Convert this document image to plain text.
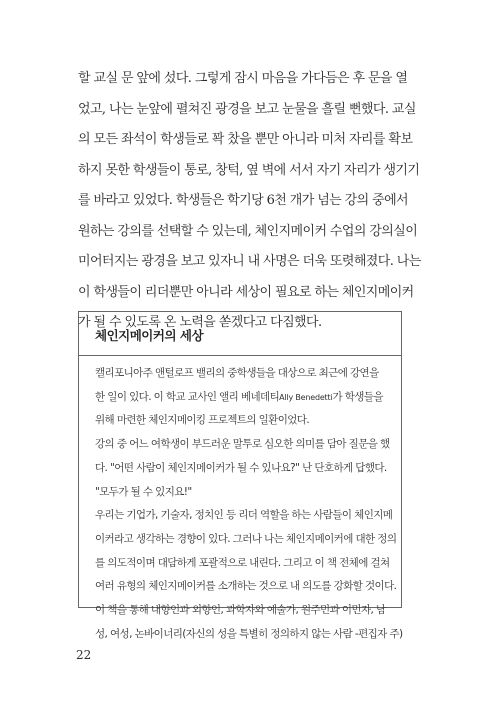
할 교실 문 앞에 섰다. 그렇게 잠시 마음을 가다듬은 후 문을 열
었고, 나는 눈앞에 펼쳐진 광경을 보고 눈물을 흘릴 뻔했다. 교실
의 모든 좌석이 학생들로 꽉 찼을 뿐만 아니라 미처 자리를 확보
하지 못한 학생들이 통로, 창턱, 옆 벽에 서서 자기 자리가 생기기
를 바라고 있었다. 학생들은 학기당 6천 개가 넘는 강의 중에서
원하는 강의를 선택할 수 있는데, 체인지메이커 수업의 강의실이
미어터지는 광경을 보고 있자니 내 사명은 더욱 또렷해졌다. 나는
이 학생들이 리더뿐만 아니라 세상이 필요로 하는 체인지메이커
가 될 수 있도록 온 노력을 쏟겠다고 다짐했다.
체인지메이커의 세상
캘리포니아주 앤털로프 밸리의 중학생들을 대상으로 최근에 강연을
한 일이 있다. 이 학교 교사인 앨리 베네데티Ally Benedetti가 학생들을
위해 마련한 체인지메이킹 프로젝트의 일환이었다.
강의 중 어느 여학생이 부드러운 말투로 심오한 의미를 담아 질문을 했
다. "어떤 사람이 체인지메이커가 될 수 있나요?" 난 단호하게 답했다.
"모두가 될 수 있지요!"
우리는 기업가, 기술자, 정치인 등 리더 역할을 하는 사람들이 체인지메
이커라고 생각하는 경향이 있다. 그러나 나는 체인지메이커에 대한 정의
를 의도적이며 대담하게 포괄적으로 내린다. 그리고 이 책 전체에 걸쳐
여러 유형의 체인지메이커를 소개하는 것으로 내 의도를 강화할 것이다.
이 책을 통해 내향인과 외향인, 과학자와 예술가, 원주민과 이민자, 남
성, 여성, 논바이너리(자신의 성을 특별히 정의하지 않는 사람 -편집자 주)
22
